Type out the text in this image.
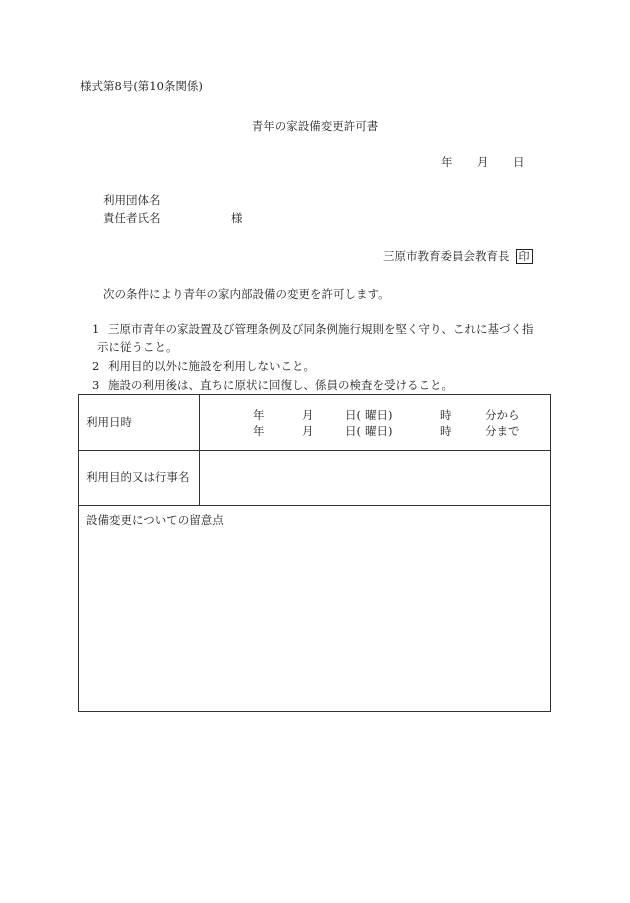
様式第8号(第10条関係)
青年の家設備変更許可書
年 月 日
利用団体名
責任者氏名	様
三原市教育委員会教育長 印
次の条件により青年の家内部設備の変更を許可します。
1 三原市青年の家設置及び管理条例及び同条例施行規則を堅く守り、これに基づく指
示に従うこと。
2 利用目的以外に施設を利用しないこと。
3 施設の利用後は、直ちに原状に回復し、係員の検査を受けること。
利用日時	年	月	日( 曜日)	時	分から
年	月	日( 曜日)	時	分まで
利用目的又は行事名
設備変更についての留意点
